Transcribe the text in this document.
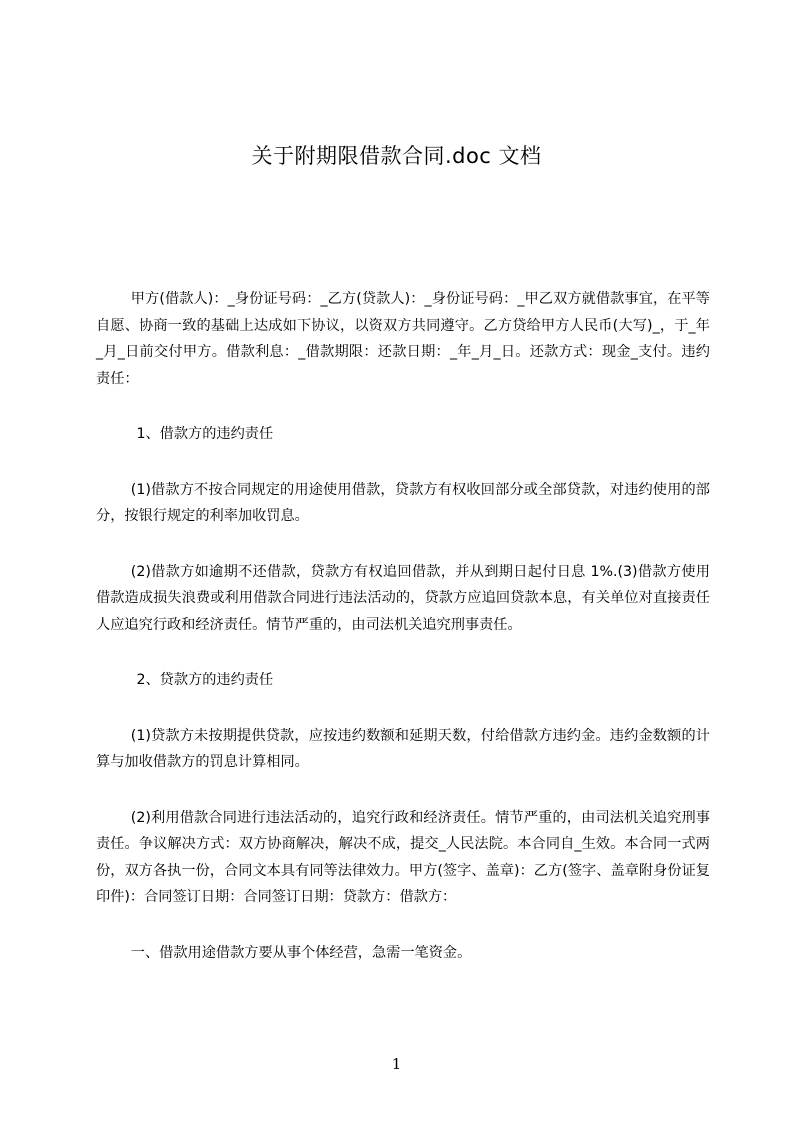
关于附期限借款合同.doc 文档

甲方(借款人)：_身份证号码：_乙方(贷款人)：_身份证号码：_甲乙双方就借款事宜，在平等自愿、协商一致的基础上达成如下协议，以资双方共同遵守。乙方贷给甲方人民币(大写)_，于_年_月_日前交付甲方。借款利息：_借款期限：还款日期：_年_月_日。还款方式：现金_支付。违约责任：

1、借款方的违约责任

(1)借款方不按合同规定的用途使用借款，贷款方有权收回部分或全部贷款，对违约使用的部分，按银行规定的利率加收罚息。

(2)借款方如逾期不还借款，贷款方有权追回借款，并从到期日起付日息 1%.(3)借款方使用借款造成损失浪费或利用借款合同进行违法活动的，贷款方应追回贷款本息，有关单位对直接责任人应追究行政和经济责任。情节严重的，由司法机关追究刑事责任。

2、贷款方的违约责任

(1)贷款方未按期提供贷款，应按违约数额和延期天数，付给借款方违约金。违约金数额的计算与加收借款方的罚息计算相同。

(2)利用借款合同进行违法活动的，追究行政和经济责任。情节严重的，由司法机关追究刑事责任。争议解决方式：双方协商解决，解决不成，提交_人民法院。本合同自_生效。本合同一式两份，双方各执一份，合同文本具有同等法律效力。甲方(签字、盖章)：乙方(签字、盖章附身份证复印件)：合同签订日期：合同签订日期：贷款方：借款方：

一、借款用途借款方要从事个体经营，急需一笔资金。

1
